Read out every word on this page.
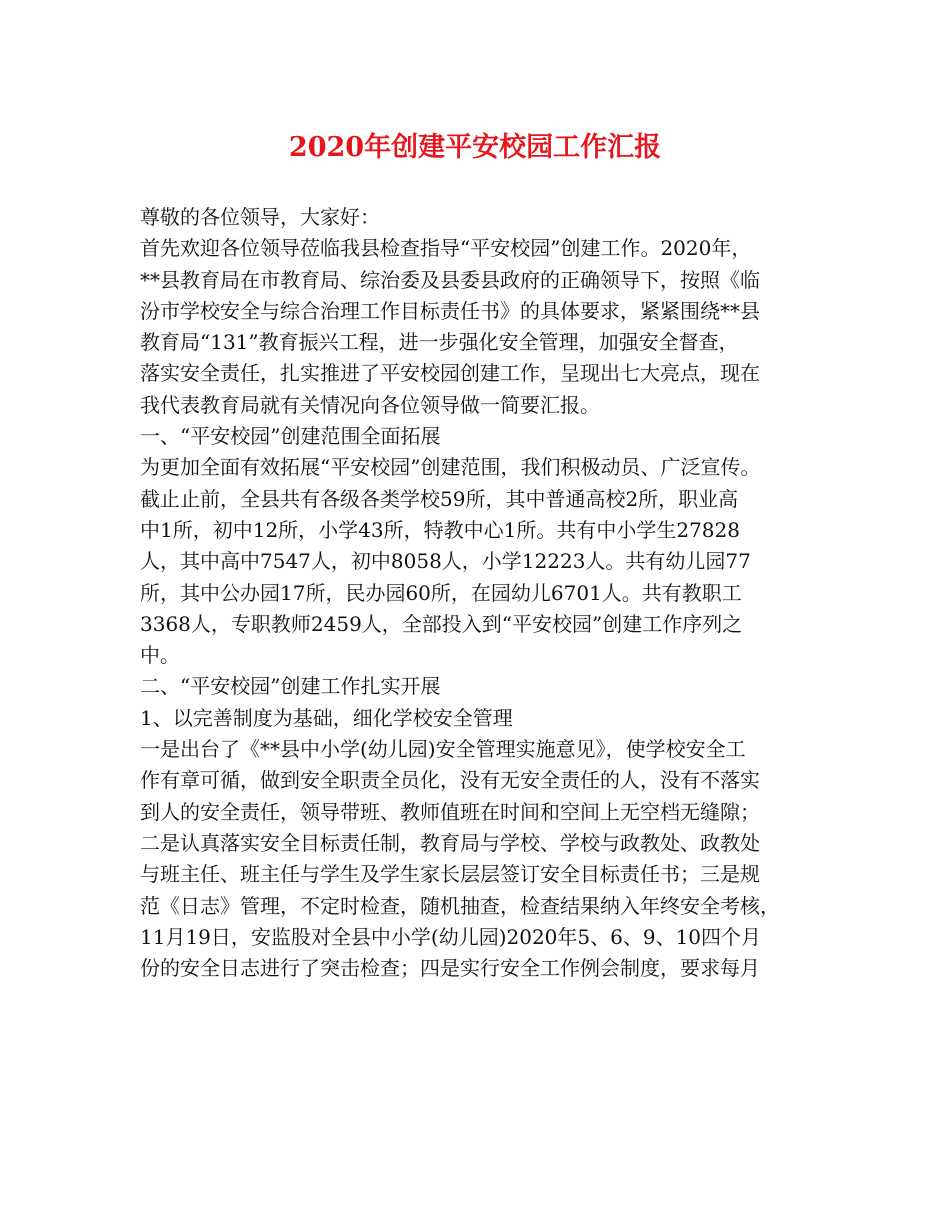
2020年创建平安校园工作汇报
尊敬的各位领导，大家好：
首先欢迎各位领导莅临我县检查指导“平安校园”创建工作。2020年，
**县教育局在市教育局、综治委及县委县政府的正确领导下，按照《临
汾市学校安全与综合治理工作目标责任书》的具体要求，紧紧围绕**县
教育局“131”教育振兴工程，进一步强化安全管理，加强安全督查，
落实安全责任，扎实推进了平安校园创建工作，呈现出七大亮点，现在
我代表教育局就有关情况向各位领导做一简要汇报。
一、“平安校园”创建范围全面拓展
为更加全面有效拓展“平安校园”创建范围，我们积极动员、广泛宣传。
截止止前，全县共有各级各类学校59所，其中普通高校2所，职业高
中1所，初中12所，小学43所，特教中心1所。共有中小学生27828
人，其中高中7547人，初中8058人，小学12223人。共有幼儿园77
所，其中公办园17所，民办园60所，在园幼儿6701人。共有教职工
3368人，专职教师2459人，全部投入到“平安校园”创建工作序列之
中。
二、“平安校园”创建工作扎实开展
1、以完善制度为基础，细化学校安全管理
一是出台了《**县中小学(幼儿园)安全管理实施意见》，使学校安全工
作有章可循，做到安全职责全员化，没有无安全责任的人，没有不落实
到人的安全责任，领导带班、教师值班在时间和空间上无空档无缝隙；
二是认真落实安全目标责任制，教育局与学校、学校与政教处、政教处
与班主任、班主任与学生及学生家长层层签订安全目标责任书；三是规
范《日志》管理，不定时检查，随机抽查，检查结果纳入年终安全考核，
11月19日，安监股对全县中小学(幼儿园)2020年5、6、9、10四个月
份的安全日志进行了突击检查；四是实行安全工作例会制度，要求每月
